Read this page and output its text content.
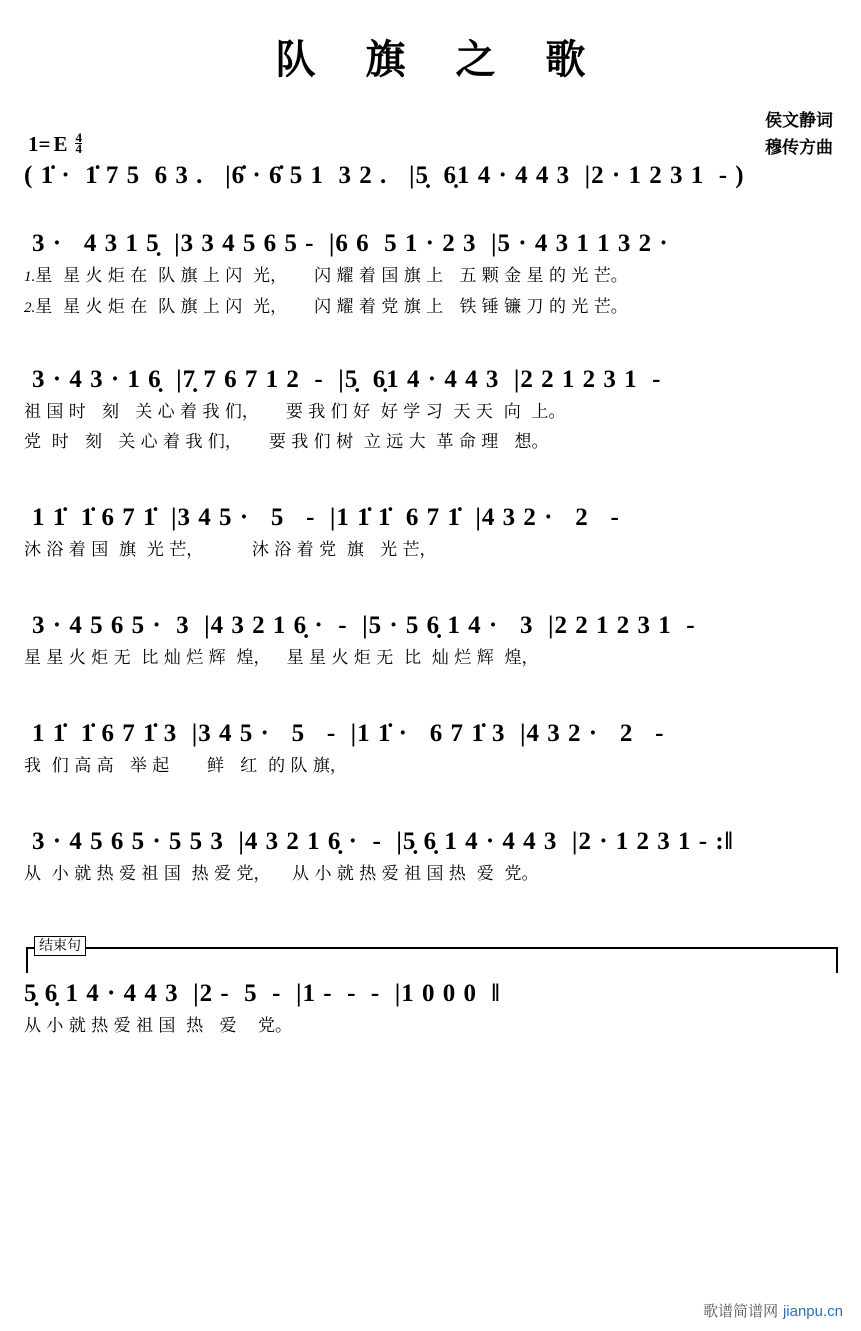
队 旗 之 歌
侯文静词
穆传方曲
1= E $\frac{4}{4}$
( 1̇ ·  1̇ 7 5  6 3 .   |6̇ · 6̇ 5 1  3 2 .   |5̣  6̣1 4 · 4 4 3  |2 · 1 2 3 1  - )
3 ·   4 3 1 5̣  |3 3 4 5 6 5 -  |6 6  5 1 · 2 3  |5 · 4 3 1 1 3 2 ·
1.星  星 火 炬 在  队 旗 上 闪  光，     闪 耀 着 国 旗 上   五 颗 金 星 的 光 芒。
2.星  星 火 炬 在  队 旗 上 闪  光，     闪 耀 着 党 旗 上   铁 锤 镰 刀 的 光 芒。
3 · 4 3 · 1 6̣  |7̣ 7 6 7 1 2  -  |5̣  6̣1 4 · 4 4 3  |2 2 1 2 3 1  -
祖 国 时   刻   关 心 着 我 们，     要 我 们 好  好 学 习  天 天  向  上。
党  时   刻   关 心 着 我 们，     要 我 们 树  立 远 大  革 命 理   想。
1 1̇  1̇ 6 7 1̇  |3 4 5 ·   5   -  |1 1̇ 1̇  6 7 1̇  |4 3 2 ·   2   -
沐 浴 着 国  旗  光 芒，         沐 浴 着 党  旗   光 芒，
3 · 4 5 6 5 ·  3  |4 3 2 1 6̣ ·  -  |5 · 5 6̣ 1 4 ·   3  |2 2 1 2 3 1  -
星 星 火 炬 无  比 灿 烂 辉  煌，   星 星 火 炬 无  比  灿 烂 辉  煌，
1 1̇  1̇ 6 7 1̇ 3  |3 4 5 ·   5   -  |1 1̇ ·   6 7 1̇ 3  |4 3 2 ·   2   -
我  们 高 高   举 起       鲜   红  的 队 旗，
3 · 4 5 6 5 · 5 5 3  |4 3 2 1 6̣ ·  -  |5̣ 6̣ 1 4 · 4 4 3  |2 · 1 2 3 1 - :‖
从  小 就 热 爱 祖 国  热 爱 党，    从 小 就 热 爱 祖 国 热  爱  党。
结束句
5̣ 6̣ 1 4 · 4 4 3  |2 -  5  -  |1 -  -  -  |1 0 0 0  ‖
从 小 就 热 爱 祖 国  热   爱    党。
歌谱简谱网 jianpu.cn
